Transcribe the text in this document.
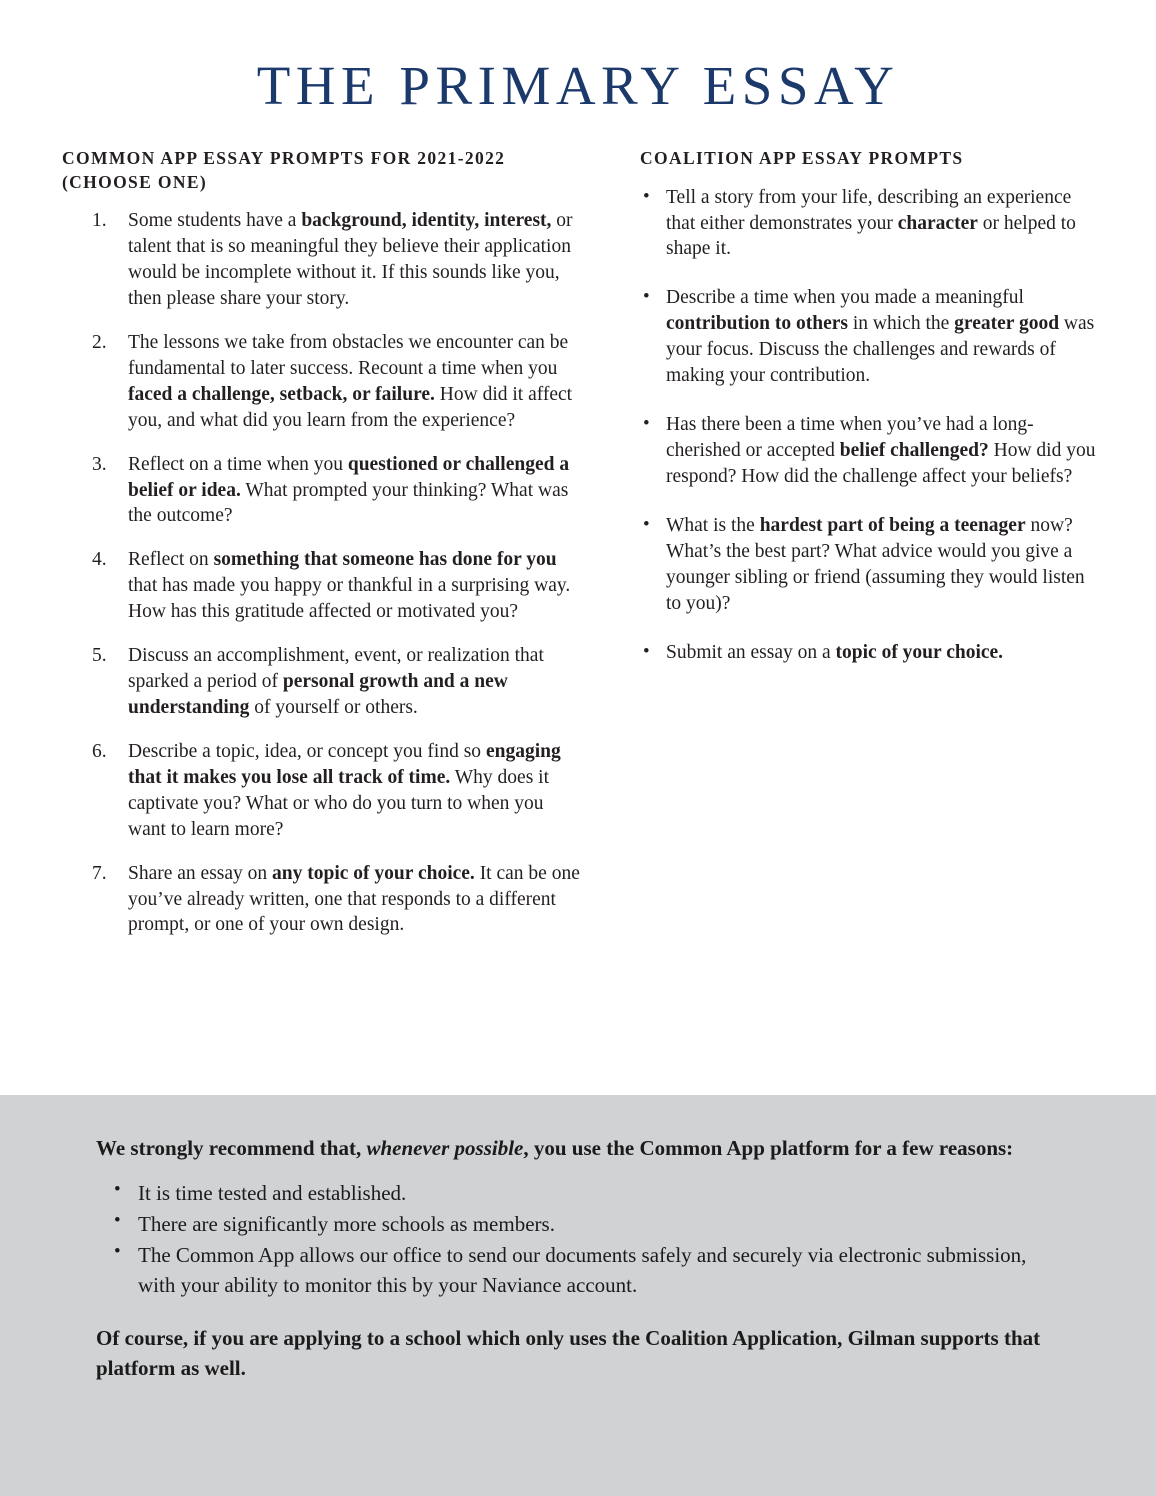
THE PRIMARY ESSAY
COMMON APP ESSAY PROMPTS FOR 2021-2022 (CHOOSE ONE)
Some students have a background, identity, interest, or talent that is so meaningful they believe their application would be incomplete without it. If this sounds like you, then please share your story.
The lessons we take from obstacles we encounter can be fundamental to later success. Recount a time when you faced a challenge, setback, or failure. How did it affect you, and what did you learn from the experience?
Reflect on a time when you questioned or challenged a belief or idea. What prompted your thinking? What was the outcome?
Reflect on something that someone has done for you that has made you happy or thankful in a surprising way. How has this gratitude affected or motivated you?
Discuss an accomplishment, event, or realization that sparked a period of personal growth and a new understanding of yourself or others.
Describe a topic, idea, or concept you find so engaging that it makes you lose all track of time. Why does it captivate you? What or who do you turn to when you want to learn more?
Share an essay on any topic of your choice. It can be one you’ve already written, one that responds to a different prompt, or one of your own design.
COALITION APP ESSAY PROMPTS
• Tell a story from your life, describing an experience that either demonstrates your character or helped to shape it.
• Describe a time when you made a meaningful contribution to others in which the greater good was your focus. Discuss the challenges and rewards of making your contribution.
• Has there been a time when you’ve had a long-cherished or accepted belief challenged? How did you respond? How did the challenge affect your beliefs?
• What is the hardest part of being a teenager now? What’s the best part? What advice would you give a younger sibling or friend (assuming they would listen to you)?
• Submit an essay on a topic of your choice.

We strongly recommend that, whenever possible, you use the Common App platform for a few reasons:

• It is time tested and established.
• There are significantly more schools as members.
• The Common App allows our office to send our documents safely and securely via electronic submission, with your ability to monitor this by your Naviance account.

Of course, if you are applying to a school which only uses the Coalition Application, Gilman supports that platform as well.
